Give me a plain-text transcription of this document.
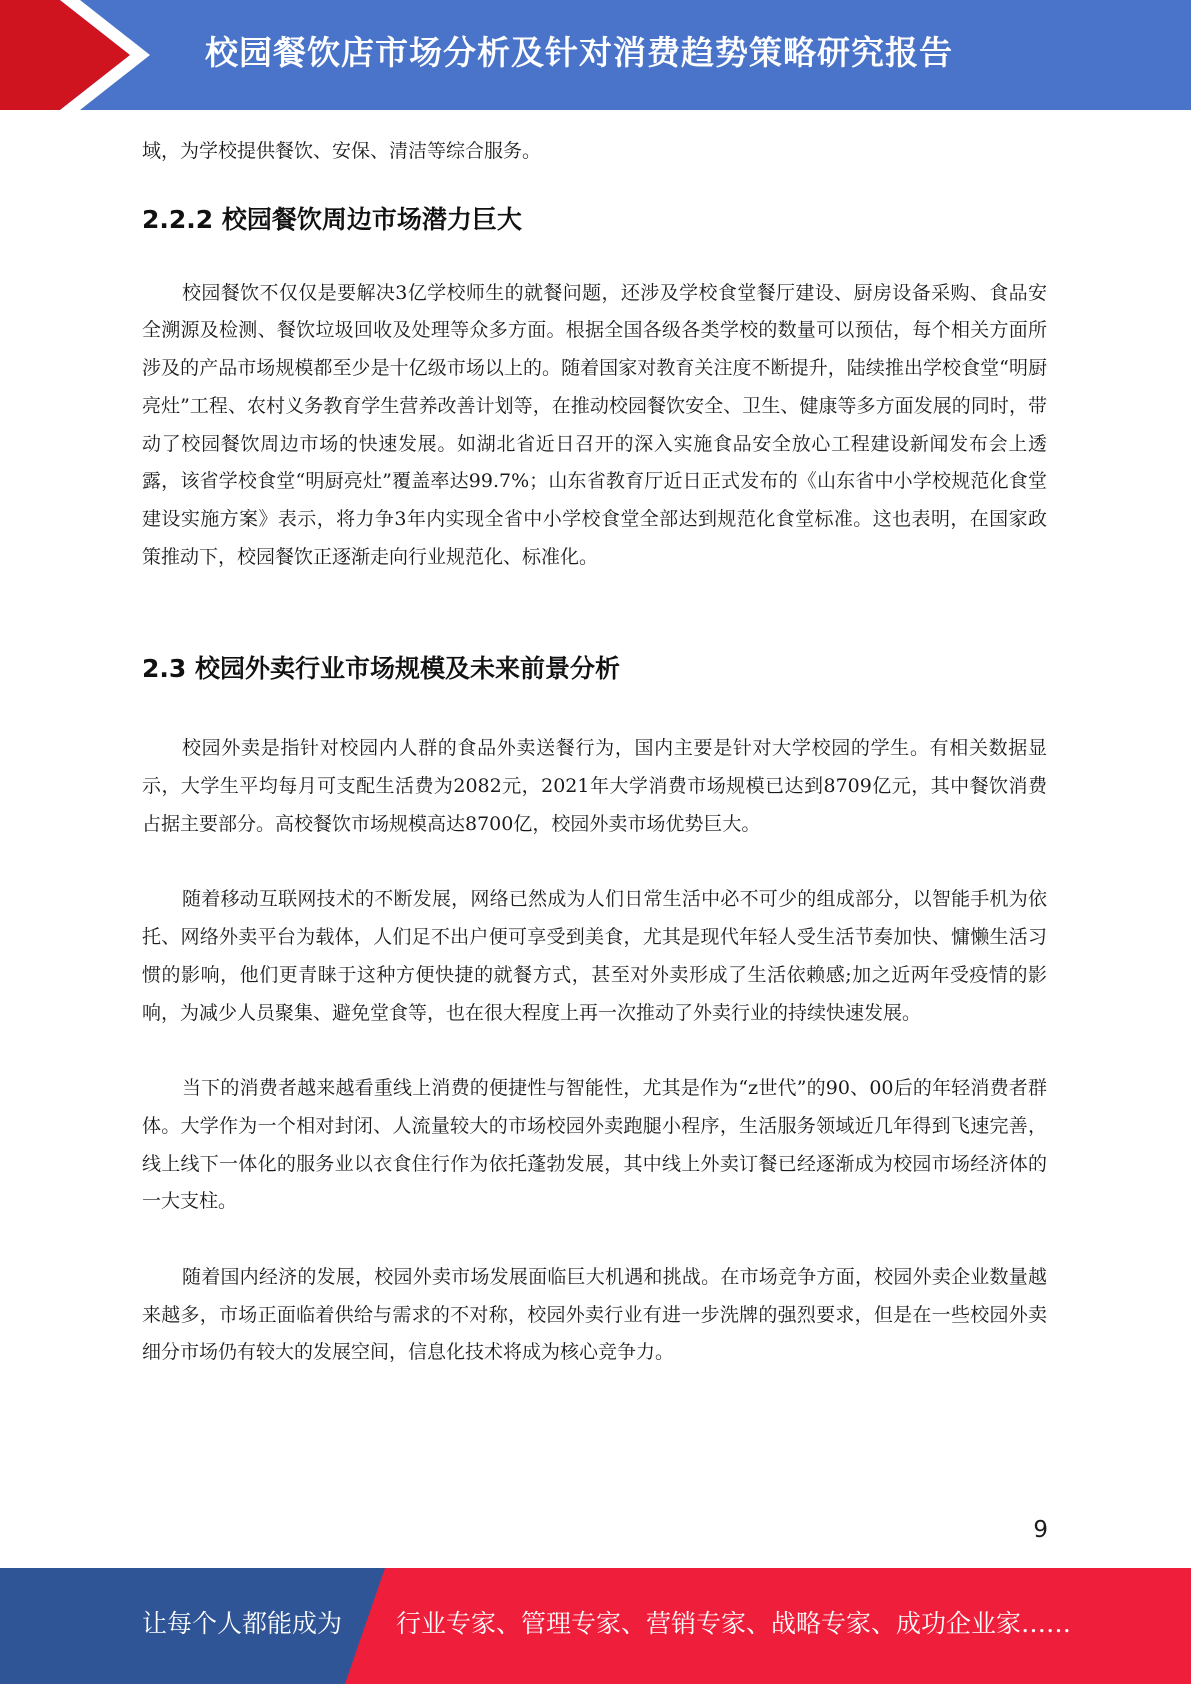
校园餐饮店市场分析及针对消费趋势策略研究报告

域，为学校提供餐饮、安保、清洁等综合服务。

2.2.2 校园餐饮周边市场潜力巨大

校园餐饮不仅仅是要解决3亿学校师生的就餐问题，还涉及学校食堂餐厅建设、厨房设备采购、食品安全溯源及检测、餐饮垃圾回收及处理等众多方面。根据全国各级各类学校的数量可以预估，每个相关方面所涉及的产品市场规模都至少是十亿级市场以上的。随着国家对教育关注度不断提升，陆续推出学校食堂“明厨亮灶”工程、农村义务教育学生营养改善计划等，在推动校园餐饮安全、卫生、健康等多方面发展的同时，带动了校园餐饮周边市场的快速发展。如湖北省近日召开的深入实施食品安全放心工程建设新闻发布会上透露，该省学校食堂“明厨亮灶”覆盖率达99.7%；山东省教育厅近日正式发布的《山东省中小学校规范化食堂建设实施方案》表示，将力争3年内实现全省中小学校食堂全部达到规范化食堂标准。这也表明，在国家政策推动下，校园餐饮正逐渐走向行业规范化、标准化。

2.3 校园外卖行业市场规模及未来前景分析

校园外卖是指针对校园内人群的食品外卖送餐行为，国内主要是针对大学校园的学生。有相关数据显示，大学生平均每月可支配生活费为2082元，2021年大学消费市场规模已达到8709亿元，其中餐饮消费占据主要部分。高校餐饮市场规模高达8700亿，校园外卖市场优势巨大。

随着移动互联网技术的不断发展，网络已然成为人们日常生活中必不可少的组成部分，以智能手机为依托、网络外卖平台为载体，人们足不出户便可享受到美食，尤其是现代年轻人受生活节奏加快、慵懒生活习惯的影响，他们更青睐于这种方便快捷的就餐方式，甚至对外卖形成了生活依赖感;加之近两年受疫情的影响，为减少人员聚集、避免堂食等，也在很大程度上再一次推动了外卖行业的持续快速发展。

当下的消费者越来越看重线上消费的便捷性与智能性，尤其是作为“z世代”的90、00后的年轻消费者群体。大学作为一个相对封闭、人流量较大的市场校园外卖跑腿小程序，生活服务领域近几年得到飞速完善，线上线下一体化的服务业以衣食住行作为依托蓬勃发展，其中线上外卖订餐已经逐渐成为校园市场经济体的一大支柱。

随着国内经济的发展，校园外卖市场发展面临巨大机遇和挑战。在市场竞争方面，校园外卖企业数量越来越多，市场正面临着供给与需求的不对称，校园外卖行业有进一步洗牌的强烈要求，但是在一些校园外卖细分市场仍有较大的发展空间，信息化技术将成为核心竞争力。

9
让每个人都能成为 行业专家、管理专家、营销专家、战略专家、成功企业家……
